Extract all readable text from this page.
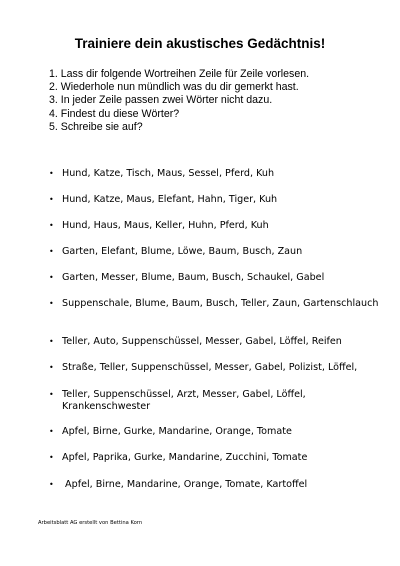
Trainiere dein akustisches Gedächtnis!
1. Lass dir folgende Wortreihen Zeile für Zeile vorlesen.
2. Wiederhole nun mündlich was du dir gemerkt hast.
3. In jeder Zeile passen zwei Wörter nicht dazu.
4. Findest du diese Wörter?
5. Schreibe sie auf?
• Hund, Katze, Tisch, Maus, Sessel, Pferd, Kuh
• Hund, Katze, Maus, Elefant, Hahn, Tiger, Kuh
• Hund, Haus, Maus, Keller, Huhn, Pferd, Kuh
• Garten, Elefant, Blume, Löwe, Baum, Busch, Zaun
• Garten, Messer, Blume, Baum, Busch, Schaukel, Gabel
• Suppenschale, Blume, Baum, Busch, Teller, Zaun, Gartenschlauch
• Teller, Auto, Suppenschüssel, Messer, Gabel, Löffel, Reifen
• Straße, Teller, Suppenschüssel, Messer, Gabel, Polizist, Löffel,
• Teller, Suppenschüssel, Arzt, Messer, Gabel, Löffel, Krankenschwester
• Apfel, Birne, Gurke, Mandarine, Orange, Tomate
• Apfel, Paprika, Gurke, Mandarine, Zucchini, Tomate
• Apfel, Birne, Mandarine, Orange, Tomate, Kartoffel
Arbeitsblatt AG erstellt von Bettina Korn
